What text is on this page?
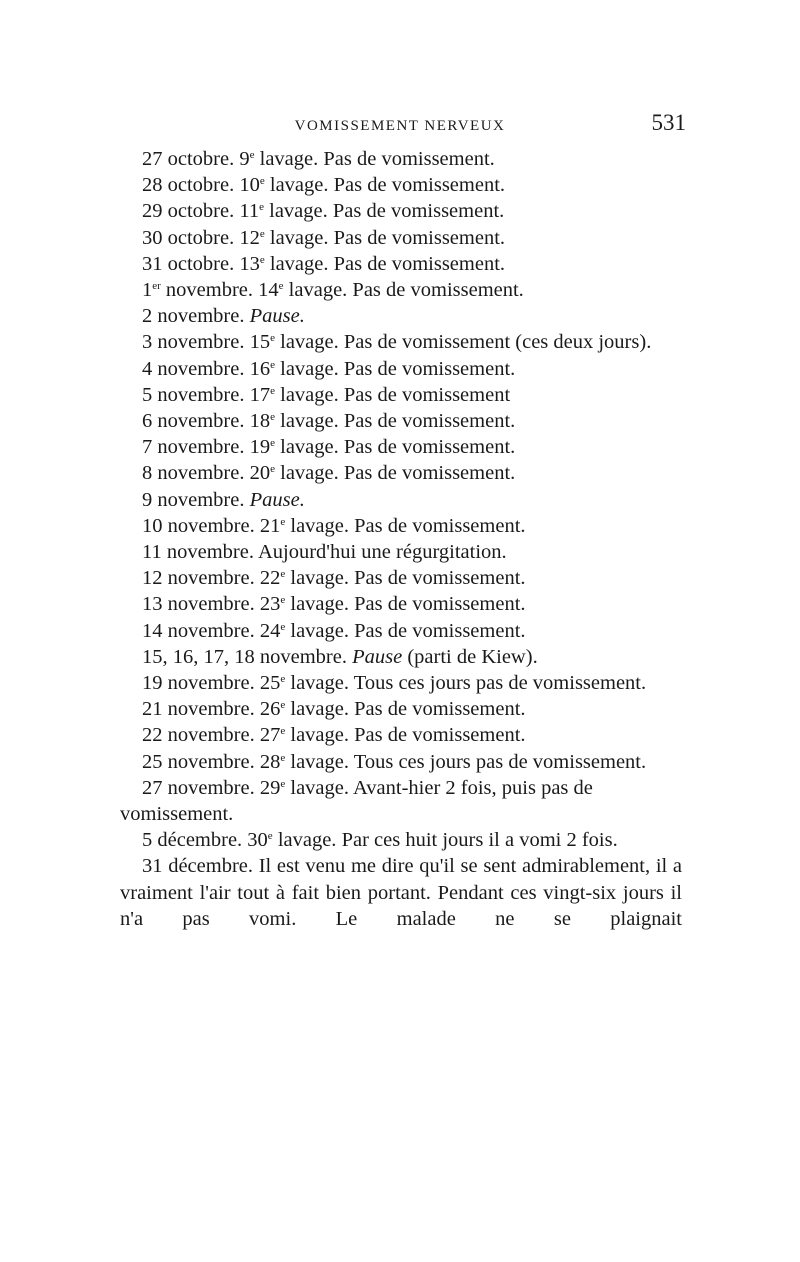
VOMISSEMENT NERVEUX	531

27 octobre. 9e lavage. Pas de vomissement.

28 octobre. 10e lavage. Pas de vomissement.

29 octobre. 11e lavage. Pas de vomissement.

30 octobre. 12e lavage. Pas de vomissement.

31 octobre. 13e lavage. Pas de vomissement.

1er novembre. 14e lavage. Pas de vomissement.

2 novembre. Pause.

3 novembre. 15e lavage. Pas de vomissement (ces deux jours).

4 novembre. 16e lavage. Pas de vomissement.

5 novembre. 17e lavage. Pas de vomissement

6 novembre. 18e lavage. Pas de vomissement.

7 novembre. 19e lavage. Pas de vomissement.

8 novembre. 20e lavage. Pas de vomissement.

9 novembre. Pause.

10 novembre. 21e lavage. Pas de vomissement.

11 novembre. Aujourd'hui une régurgitation.

12 novembre. 22e lavage. Pas de vomissement.

13 novembre. 23e lavage. Pas de vomissement.

14 novembre. 24e lavage. Pas de vomissement.

15, 16, 17, 18 novembre. Pause (parti de Kiew).

19 novembre. 25e lavage. Tous ces jours pas de vomissement.

21 novembre. 26e lavage. Pas de vomissement.

22 novembre. 27e lavage. Pas de vomissement.

25 novembre. 28e lavage. Tous ces jours pas de vomissement.

27 novembre. 29e lavage. Avant-hier 2 fois, puis pas de vomissement.

5 décembre. 30e lavage. Par ces huit jours il a vomi 2 fois.

31 décembre. Il est venu me dire qu'il se sent admirablement, il a vraiment l'air tout à fait bien portant. Pendant ces vingt-six jours il n'a pas vomi. Le malade ne se plaignait
